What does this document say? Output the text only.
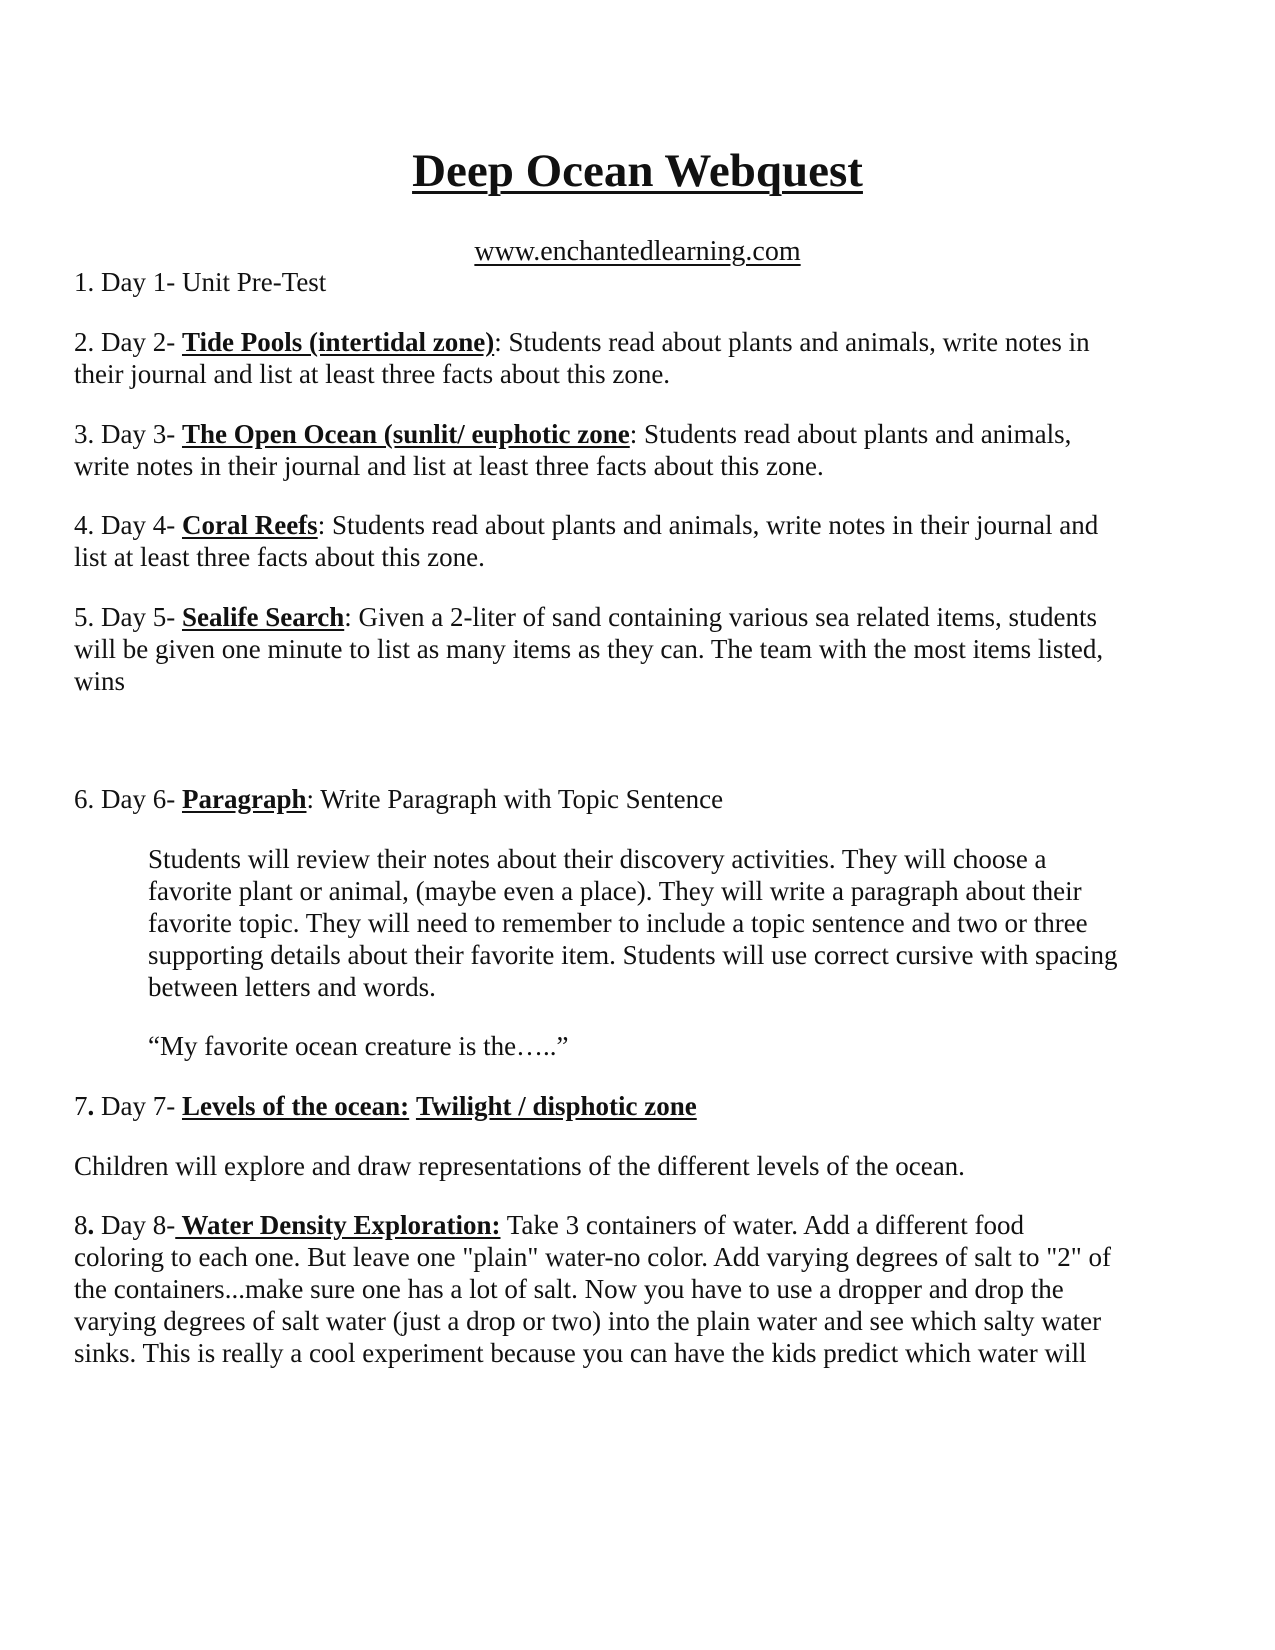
Deep Ocean Webquest
www.enchantedlearning.com
1. Day 1- Unit Pre-Test
2. Day 2- Tide Pools (intertidal zone): Students read about plants and animals, write notes in
their journal and list at least three facts about this zone.
3. Day 3- The Open Ocean (sunlit/ euphotic zone: Students read about plants and animals,
write notes in their journal and list at least three facts about this zone.
4. Day 4- Coral Reefs: Students read about plants and animals, write notes in their journal and
list at least three facts about this zone.
5. Day 5- Sealife Search: Given a 2-liter of sand containing various sea related items, students
will be given one minute to list as many items as they can. The team with the most items listed,
wins
6. Day 6- Paragraph: Write Paragraph with Topic Sentence
Students will review their notes about their discovery activities. They will choose a
favorite plant or animal, (maybe even a place). They will write a paragraph about their
favorite topic. They will need to remember to include a topic sentence and two or three
supporting details about their favorite item. Students will use correct cursive with spacing
between letters and words.
“My favorite ocean creature is the…..”
7. Day 7- Levels of the ocean: Twilight / disphotic zone
Children will explore and draw representations of the different levels of the ocean.
8. Day 8- Water Density Exploration: Take 3 containers of water. Add a different food
coloring to each one. But leave one "plain" water-no color. Add varying degrees of salt to "2" of
the containers...make sure one has a lot of salt. Now you have to use a dropper and drop the
varying degrees of salt water (just a drop or two) into the plain water and see which salty water
sinks. This is really a cool experiment because you can have the kids predict which water will
